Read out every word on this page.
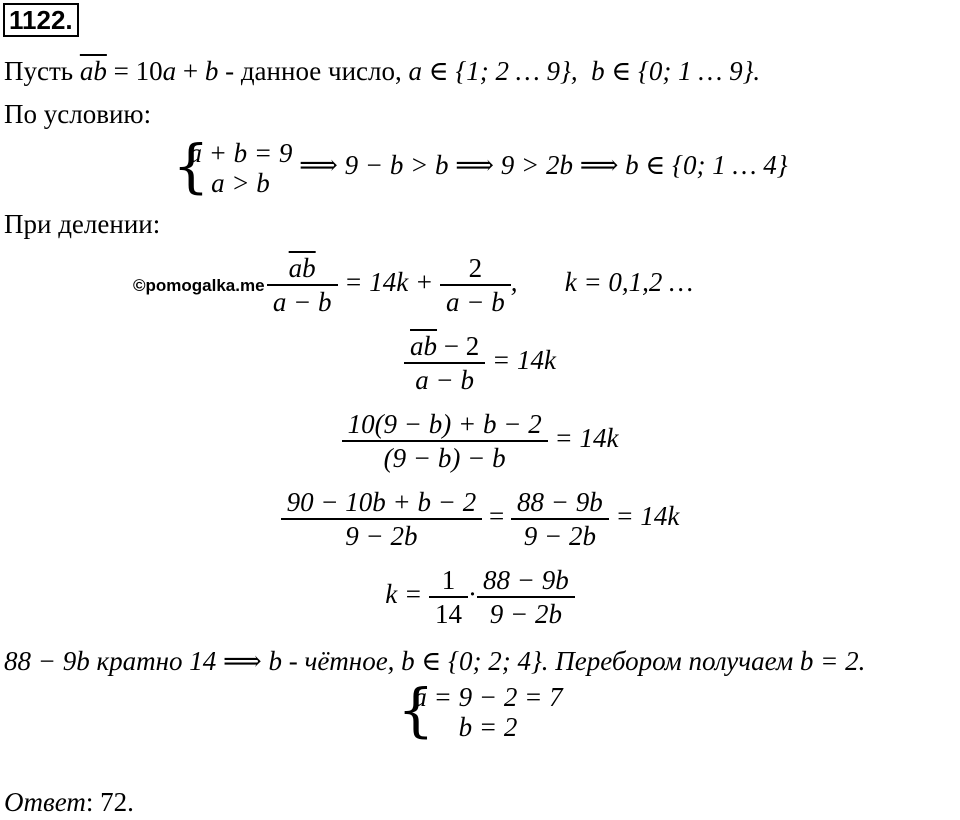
1122.
Пусть $\overline{ab} = 10a + b$ - данное число, a ∈ {1; 2 … 9}, b ∈ {0; 1 … 9}.
По условию:
{
a + b = 9
a > b
⟹ 9 − b > b ⟹ 9 > 2b ⟹ b ∈ {0; 1 … 4}
При делении:
©pomogalka.me $\frac{\overline{ab}}{a - b} = 14k + \frac{2}{a - b}$ ,       k = 0,1,2 …
$\frac{\overline{ab} - 2}{a - b} = 14k$
$\frac{10(9 - b) + b - 2}{(9 - b) - b} = 14k$
$\frac{90 - 10b + b - 2}{9 - 2b} = \frac{88 - 9b}{9 - 2b} = 14k$
$k = \frac{1}{14} \cdot \frac{88 - 9b}{9 - 2b}$
88 − 9b кратно 14 ⟹ b - чётное, b ∈ {0; 2; 4}. Перебором получаем b = 2.
{
a = 9 − 2 = 7
b = 2
Ответ: 72.
